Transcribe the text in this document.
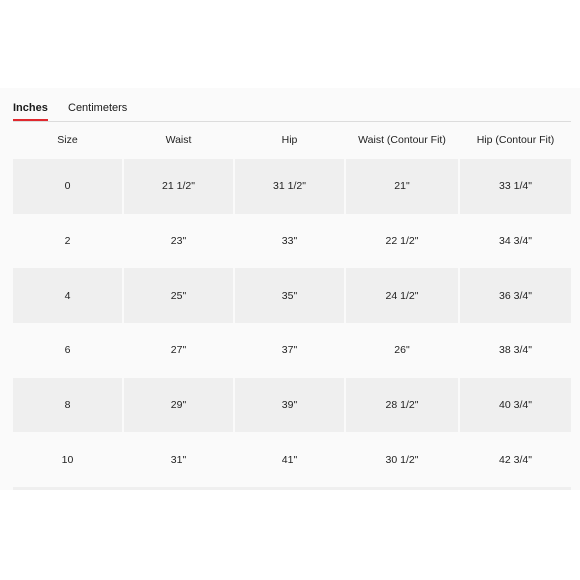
Inches Centimeters
Size	Waist	Hip	Waist (Contour Fit)	Hip (Contour Fit)
0	21 1/2"	31 1/2"	21"	33 1/4"
2	23"	33"	22 1/2"	34 3/4"
4	25"	35"	24 1/2"	36 3/4"
6	27"	37"	26"	38 3/4"
8	29"	39"	28 1/2"	40 3/4"
10	31"	41"	30 1/2"	42 3/4"
